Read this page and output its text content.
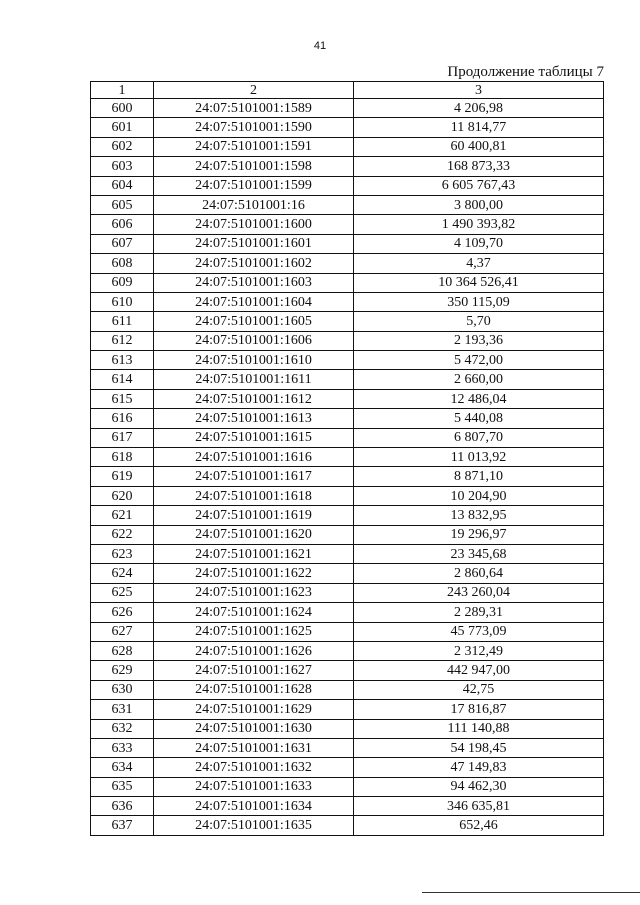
41
Продолжение таблицы 7
1	2	3
600	24:07:5101001:1589	4 206,98
601	24:07:5101001:1590	11 814,77
602	24:07:5101001:1591	60 400,81
603	24:07:5101001:1598	168 873,33
604	24:07:5101001:1599	6 605 767,43
605	24:07:5101001:16	3 800,00
606	24:07:5101001:1600	1 490 393,82
607	24:07:5101001:1601	4 109,70
608	24:07:5101001:1602	4,37
609	24:07:5101001:1603	10 364 526,41
610	24:07:5101001:1604	350 115,09
611	24:07:5101001:1605	5,70
612	24:07:5101001:1606	2 193,36
613	24:07:5101001:1610	5 472,00
614	24:07:5101001:1611	2 660,00
615	24:07:5101001:1612	12 486,04
616	24:07:5101001:1613	5 440,08
617	24:07:5101001:1615	6 807,70
618	24:07:5101001:1616	11 013,92
619	24:07:5101001:1617	8 871,10
620	24:07:5101001:1618	10 204,90
621	24:07:5101001:1619	13 832,95
622	24:07:5101001:1620	19 296,97
623	24:07:5101001:1621	23 345,68
624	24:07:5101001:1622	2 860,64
625	24:07:5101001:1623	243 260,04
626	24:07:5101001:1624	2 289,31
627	24:07:5101001:1625	45 773,09
628	24:07:5101001:1626	2 312,49
629	24:07:5101001:1627	442 947,00
630	24:07:5101001:1628	42,75
631	24:07:5101001:1629	17 816,87
632	24:07:5101001:1630	111 140,88
633	24:07:5101001:1631	54 198,45
634	24:07:5101001:1632	47 149,83
635	24:07:5101001:1633	94 462,30
636	24:07:5101001:1634	346 635,81
637	24:07:5101001:1635	652,46
